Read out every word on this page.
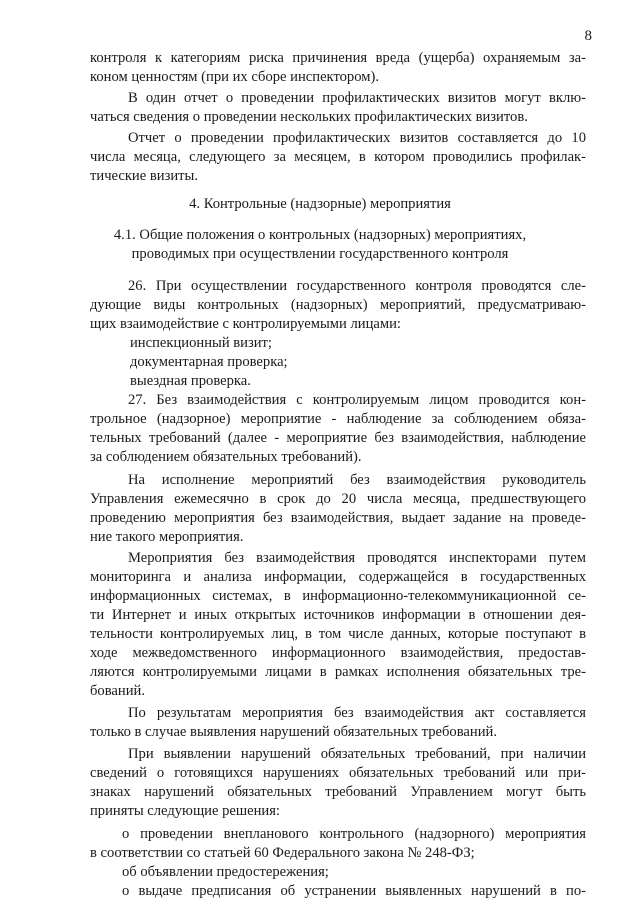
8
контроля к категориям риска причинения вреда (ущерба) охраняемым за-
коном ценностям (при их сборе инспектором).
В один отчет о проведении профилактических визитов могут вклю-
чаться сведения о проведении нескольких профилактических визитов.
Отчет о проведении профилактических визитов составляется до 10
числа месяца, следующего за месяцем, в котором проводились профилак-
тические визиты.
4. Контрольные (надзорные) мероприятия
4.1. Общие положения о контрольных (надзорных) мероприятиях,
проводимых при осуществлении государственного контроля
26. При осуществлении государственного контроля проводятся сле-
дующие виды контрольных (надзорных) мероприятий, предусматриваю-
щих взаимодействие с контролируемыми лицами:
инспекционный визит;
документарная проверка;
выездная проверка.
27. Без взаимодействия с контролируемым лицом проводится кон-
трольное (надзорное) мероприятие - наблюдение за соблюдением обяза-
тельных требований (далее - мероприятие без взаимодействия, наблюдение
за соблюдением обязательных требований).
На исполнение мероприятий без взаимодействия руководитель
Управления ежемесячно в срок до 20 числа месяца, предшествующего
проведению мероприятия без взаимодействия, выдает задание на проведе-
ние такого мероприятия.
Мероприятия без взаимодействия проводятся инспекторами путем
мониторинга и анализа информации, содержащейся в государственных
информационных системах, в информационно-телекоммуникационной се-
ти Интернет и иных открытых источников информации в отношении дея-
тельности контролируемых лиц, в том числе данных, которые поступают в
ходе межведомственного информационного взаимодействия, предостав-
ляются контролируемыми лицами в рамках исполнения обязательных тре-
бований.
По результатам мероприятия без взаимодействия акт составляется
только в случае выявления нарушений обязательных требований.
При выявлении нарушений обязательных требований, при наличии
сведений о готовящихся нарушениях обязательных требований или при-
знаках нарушений обязательных требований Управлением могут быть
приняты следующие решения:
о проведении внепланового контрольного (надзорного) мероприятия
в соответствии со статьей 60 Федерального закона № 248-ФЗ;
об объявлении предостережения;
о выдаче предписания об устранении выявленных нарушений в по-
